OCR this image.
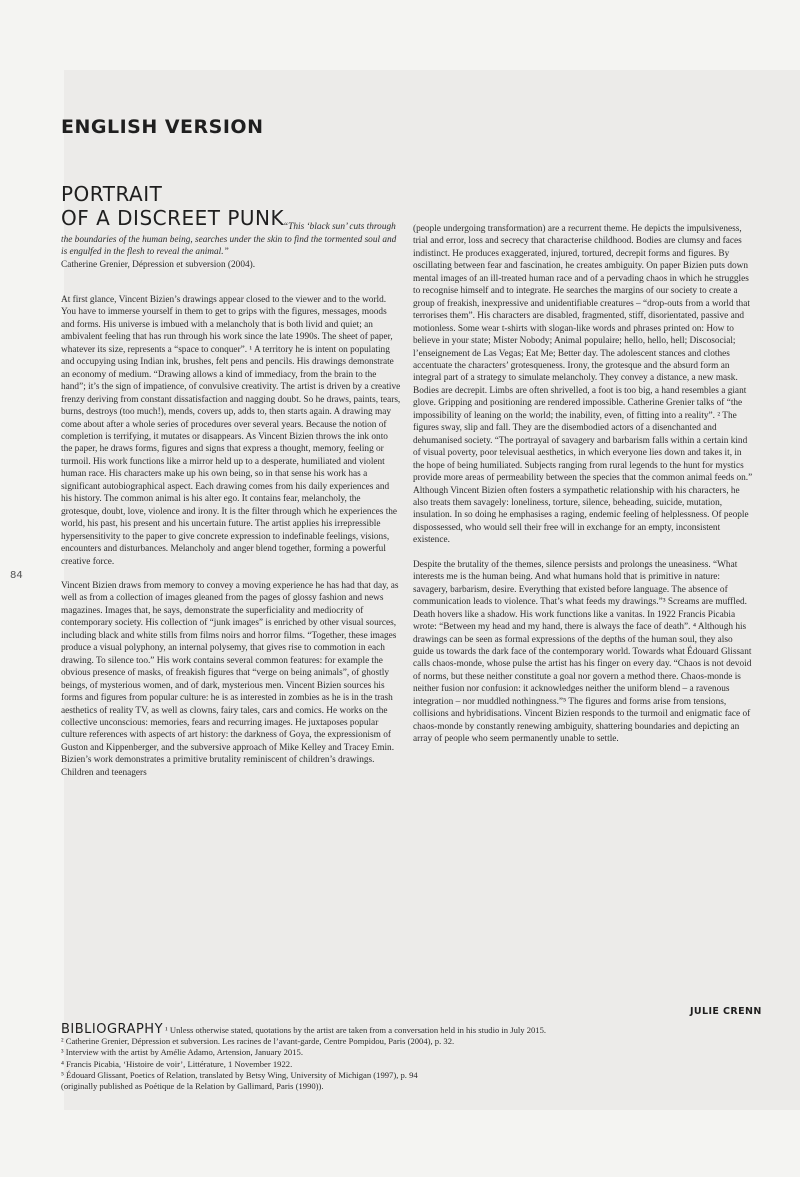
84
ENGLISH VERSION
PORTRAIT
OF A DISCREET PUNK
“This ‘black sun’ cuts through the boundaries of the human being, searches under the skin to find the tormented soul and is engulfed in the flesh to reveal the animal.”

Catherine Grenier, Dépression et subversion (2004).

At first glance, Vincent Bizien’s drawings appear closed to the viewer and to the world. You have to immerse yourself in them to get to grips with the figures, messages, moods and forms. His universe is imbued with a melancholy that is both livid and quiet; an ambivalent feeling that has run through his work since the late 1990s. The sheet of paper, whatever its size, represents a “space to conquer”. ¹ A territory he is intent on populating and occupying using Indian ink, brushes, felt pens and pencils. His drawings demonstrate an economy of medium. “Drawing allows a kind of immediacy, from the brain to the hand”; it’s the sign of impatience, of convulsive creativity. The artist is driven by a creative frenzy deriving from constant dissatisfaction and nagging doubt. So he draws, paints, tears, burns, destroys (too much!), mends, covers up, adds to, then starts again. A drawing may come about after a whole series of procedures over several years. Because the notion of completion is terrifying, it mutates or disappears. As Vincent Bizien throws the ink onto the paper, he draws forms, figures and signs that express a thought, memory, feeling or turmoil. His work functions like a mirror held up to a desperate, humiliated and violent human race. His characters make up his own being, so in that sense his work has a significant autobiographical aspect. Each drawing comes from his daily experiences and his history. The common animal is his alter ego. It contains fear, melancholy, the grotesque, doubt, love, violence and irony. It is the filter through which he experiences the world, his past, his present and his uncertain future. The artist applies his irrepressible hypersensitivity to the paper to give concrete expression to indefinable feelings, visions, encounters and disturbances. Melancholy and anger blend together, forming a powerful creative force.

Vincent Bizien draws from memory to convey a moving experience he has had that day, as well as from a collection of images gleaned from the pages of glossy fashion and news magazines. Images that, he says, demonstrate the superficiality and mediocrity of contemporary society. His collection of “junk images” is enriched by other visual sources, including black and white stills from films noirs and horror films. “Together, these images produce a visual polyphony, an internal polysemy, that gives rise to commotion in each drawing. To silence too.” His work contains several common features: for example the obvious presence of masks, of freakish figures that “verge on being animals”, of ghostly beings, of mysterious women, and of dark, mysterious men. Vincent Bizien sources his forms and figures from popular culture: he is as interested in zombies as he is in the trash aesthetics of reality TV, as well as clowns, fairy tales, cars and comics. He works on the collective unconscious: memories, fears and recurring images. He juxtaposes popular culture references with aspects of art history: the darkness of Goya, the expressionism of Guston and Kippenberger, and the subversive approach of Mike Kelley and Tracey Emin. Bizien’s work demonstrates a primitive brutality reminiscent of children’s drawings. Children and teenagers

(people undergoing transformation) are a recurrent theme. He depicts the impulsiveness, trial and error, loss and secrecy that characterise childhood. Bodies are clumsy and faces indistinct. He produces exaggerated, injured, tortured, decrepit forms and figures. By oscillating between fear and fascination, he creates ambiguity. On paper Bizien puts down mental images of an ill-treated human race and of a pervading chaos in which he struggles to recognise himself and to integrate. He searches the margins of our society to create a group of freakish, inexpressive and unidentifiable creatures – “drop-outs from a world that terrorises them”. His characters are disabled, fragmented, stiff, disorientated, passive and motionless. Some wear t-shirts with slogan-like words and phrases printed on: How to believe in your state; Mister Nobody; Animal populaire; hello, hello, hell; Discosocial; l’enseignement de Las Vegas; Eat Me; Better day. The adolescent stances and clothes accentuate the characters’ grotesqueness. Irony, the grotesque and the absurd form an integral part of a strategy to simulate melancholy. They convey a distance, a new mask. Bodies are decrepit. Limbs are often shrivelled, a foot is too big, a hand resembles a giant glove. Gripping and positioning are rendered impossible. Catherine Grenier talks of “the impossibility of leaning on the world; the inability, even, of fitting into a reality”. ² The figures sway, slip and fall. They are the disembodied actors of a disenchanted and dehumanised society. “The portrayal of savagery and barbarism falls within a certain kind of visual poverty, poor televisual aesthetics, in which everyone lies down and takes it, in the hope of being humiliated. Subjects ranging from rural legends to the hunt for mystics provide more areas of permeability between the species that the common animal feeds on.” Although Vincent Bizien often fosters a sympathetic relationship with his characters, he also treats them savagely: loneliness, torture, silence, beheading, suicide, mutation, insulation. In so doing he emphasises a raging, endemic feeling of helplessness. Of people dispossessed, who would sell their free will in exchange for an empty, inconsistent existence.

Despite the brutality of the themes, silence persists and prolongs the uneasiness. “What interests me is the human being. And what humans hold that is primitive in nature: savagery, barbarism, desire. Everything that existed before language. The absence of communication leads to violence. That’s what feeds my drawings.”³ Screams are muffled. Death hovers like a shadow. His work functions like a vanitas. In 1922 Francis Picabia wrote: “Between my head and my hand, there is always the face of death”. ⁴ Although his drawings can be seen as formal expressions of the depths of the human soul, they also guide us towards the dark face of the contemporary world. Towards what Édouard Glissant calls chaos-monde, whose pulse the artist has his finger on every day. “Chaos is not devoid of norms, but these neither constitute a goal nor govern a method there. Chaos-monde is neither fusion nor confusion: it acknowledges neither the uniform blend – a ravenous integration – nor muddled nothingness.”⁵ The figures and forms arise from tensions, collisions and hybridisations. Vincent Bizien responds to the turmoil and enigmatic face of chaos-monde by constantly renewing ambiguity, shattering boundaries and depicting an array of people who seem permanently unable to settle.

JULIE CRENN
BIBLIOGRAPHY ¹ Unless otherwise stated, quotations by the artist are taken from a conversation held in his studio in July 2015.
² Catherine Grenier, Dépression et subversion. Les racines de l’avant-garde, Centre Pompidou, Paris (2004), p. 32.
³ Interview with the artist by Amélie Adamo, Artension, January 2015.
⁴ Francis Picabia, ‘Histoire de voir’, Littérature, 1 November 1922.
⁵ Édouard Glissant, Poetics of Relation, translated by Betsy Wing, University of Michigan (1997), p. 94
(originally published as Poétique de la Relation by Gallimard, Paris (1990)).
